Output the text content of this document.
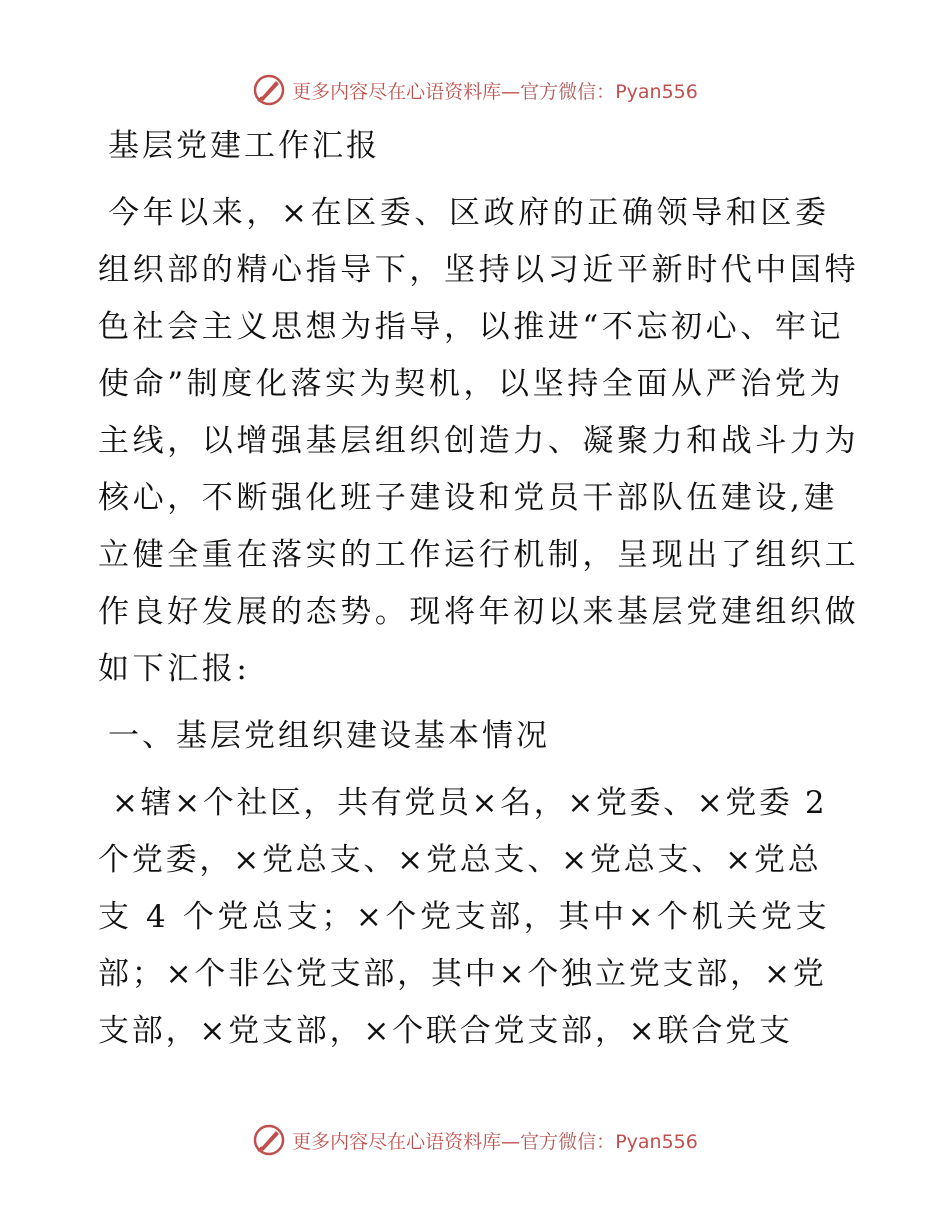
更多内容尽在心语资料库—官方微信：Pyan556
基层党建工作汇报
今年以来，×在区委、区政府的正确领导和区委
组织部的精心指导下，坚持以习近平新时代中国特
色社会主义思想为指导，以推进“不忘初心、牢记
使命”制度化落实为契机，以坚持全面从严治党为
主线，以增强基层组织创造力、凝聚力和战斗力为
核心，不断强化班子建设和党员干部队伍建设,建
立健全重在落实的工作运行机制，呈现出了组织工
作良好发展的态势。现将年初以来基层党建组织做
如下汇报:
一、基层党组织建设基本情况
×辖×个社区，共有党员×名，×党委、×党委 2
个党委，×党总支、×党总支、×党总支、×党总
支 4 个党总支；×个党支部，其中×个机关党支
部；×个非公党支部，其中×个独立党支部，×党
支部，×党支部，×个联合党支部，×联合党支
更多内容尽在心语资料库—官方微信：Pyan556
